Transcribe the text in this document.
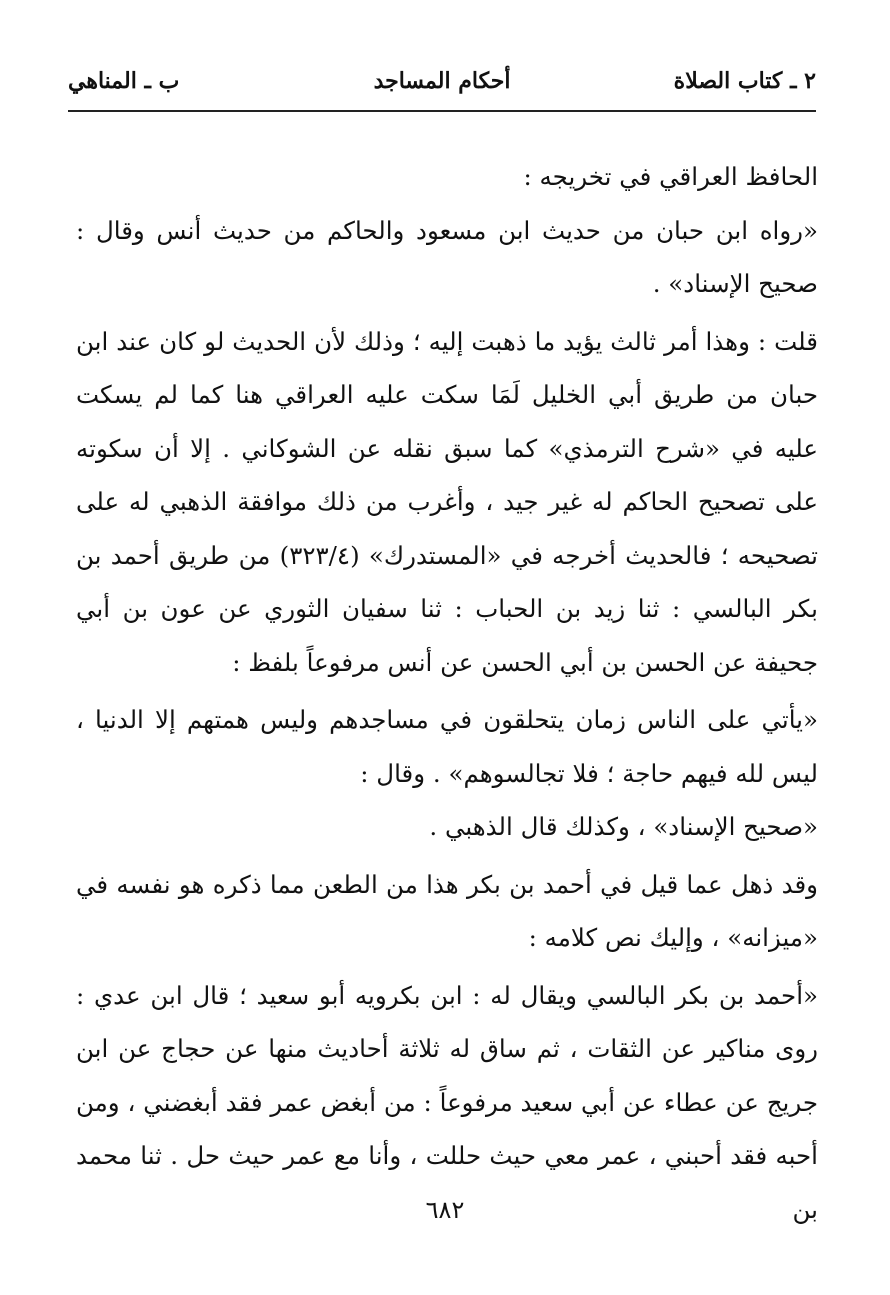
٢ ـ كتاب الصلاة
أحكام المساجد
ب ـ المناهي

الحافظ العراقي في تخريجه :

«رواه ابن حبان من حديث ابن مسعود والحاكم من حديث أنس وقال : صحيح الإسناد» .

قلت : وهذا أمر ثالث يؤيد ما ذهبت إليه ؛ وذلك لأن الحديث لو كان عند ابن حبان من طريق أبي الخليل لَمَا سكت عليه العراقي هنا كما لم يسكت عليه في «شرح الترمذي» كما سبق نقله عن الشوكاني . إلا أن سكوته على تصحيح الحاكم له غير جيد ، وأغرب من ذلك موافقة الذهبي له على تصحيحه ؛ فالحديث أخرجه في «المستدرك» (٣٢٣/٤) من طريق أحمد بن بكر البالسي : ثنا زيد بن الحباب : ثنا سفيان الثوري عن عون بن أبي جحيفة عن الحسن بن أبي الحسن عن أنس مرفوعاً بلفظ :

«يأتي على الناس زمان يتحلقون في مساجدهم وليس همتهم إلا الدنيا ، ليس لله فيهم حاجة ؛ فلا تجالسوهم» . وقال :

«صحيح الإسناد» ، وكذلك قال الذهبي .

وقد ذهل عما قيل في أحمد بن بكر هذا من الطعن مما ذكره هو نفسه في «ميزانه» ، وإليك نص كلامه :

«أحمد بن بكر البالسي ويقال له : ابن بكرويه أبو سعيد ؛ قال ابن عدي : روى مناكير عن الثقات ، ثم ساق له ثلاثة أحاديث منها عن حجاج عن ابن جريج عن عطاء عن أبي سعيد مرفوعاً : من أبغض عمر فقد أبغضني ، ومن أحبه فقد أحبني ، عمر معي حيث حللت ، وأنا مع عمر حيث حل . ثنا محمد بن

٦٨٢
